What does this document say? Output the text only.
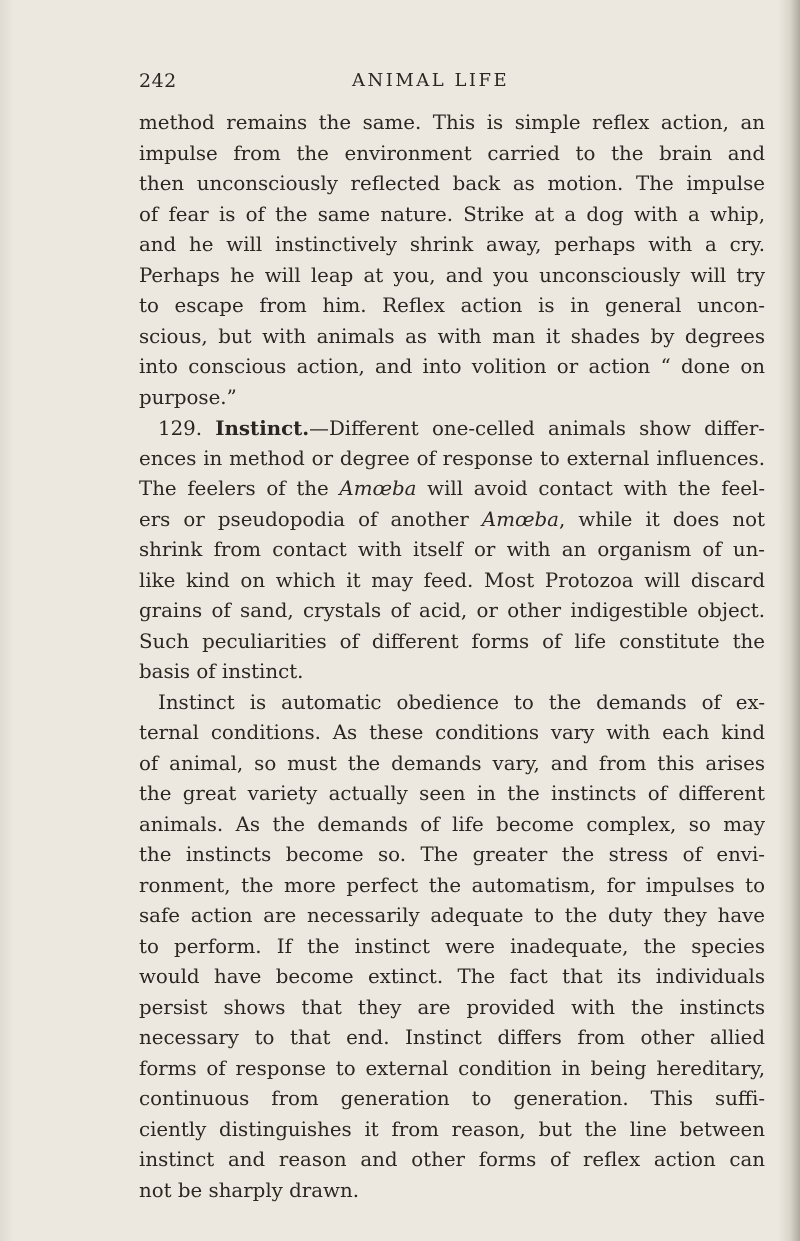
242	ANIMAL LIFE
method remains the same. This is simple reflex action, an
impulse from the environment carried to the brain and
then unconsciously reflected back as motion. The impulse
of fear is of the same nature. Strike at a dog with a whip,
and he will instinctively shrink away, perhaps with a cry.
Perhaps he will leap at you, and you unconsciously will try
to escape from him. Reflex action is in general uncon-
scious, but with animals as with man it shades by degrees
into conscious action, and into volition or action “ done on
purpose.”
129. Instinct.—Different one-celled animals show differ-
ences in method or degree of response to external influences.
The feelers of the Amœba will avoid contact with the feel-
ers or pseudopodia of another Amœba, while it does not
shrink from contact with itself or with an organism of un-
like kind on which it may feed. Most Protozoa will discard
grains of sand, crystals of acid, or other indigestible object.
Such peculiarities of different forms of life constitute the
basis of instinct.
Instinct is automatic obedience to the demands of ex-
ternal conditions. As these conditions vary with each kind
of animal, so must the demands vary, and from this arises
the great variety actually seen in the instincts of different
animals. As the demands of life become complex, so may
the instincts become so. The greater the stress of envi-
ronment, the more perfect the automatism, for impulses to
safe action are necessarily adequate to the duty they have
to perform. If the instinct were inadequate, the species
would have become extinct. The fact that its individuals
persist shows that they are provided with the instincts
necessary to that end. Instinct differs from other allied
forms of response to external condition in being hereditary,
continuous from generation to generation. This suffi-
ciently distinguishes it from reason, but the line between
instinct and reason and other forms of reflex action can
not be sharply drawn.
